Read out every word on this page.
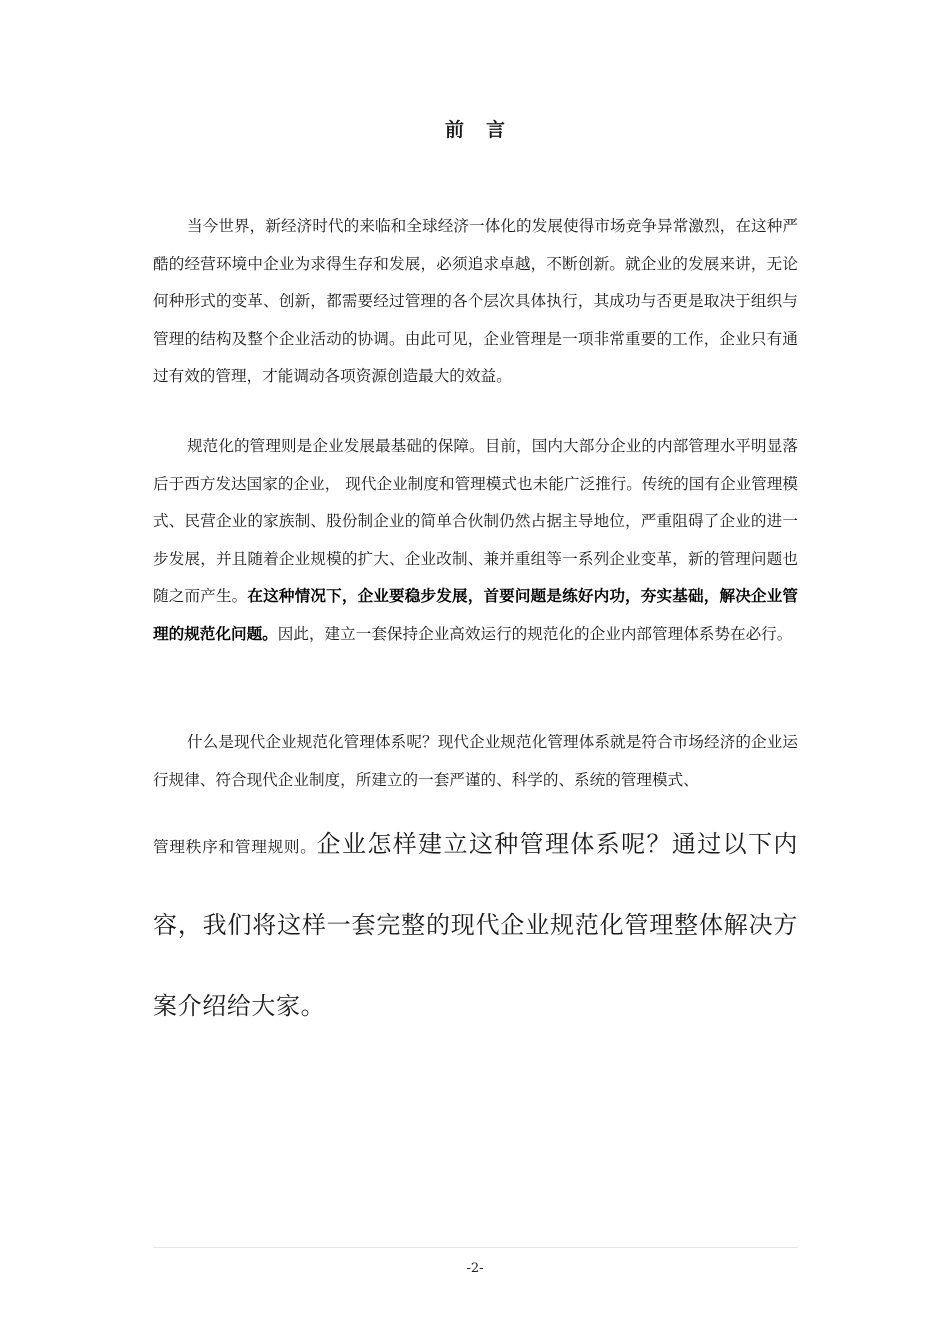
前言

当今世界，新经济时代的来临和全球经济一体化的发展使得市场竞争异常激烈，在这种严酷的经营环境中企业为求得生存和发展，必须追求卓越，不断创新。就企业的发展来讲，无论何种形式的变革、创新，都需要经过管理的各个层次具体执行，其成功与否更是取决于组织与管理的结构及整个企业活动的协调。由此可见，企业管理是一项非常重要的工作，企业只有通过有效的管理，才能调动各项资源创造最大的效益。

规范化的管理则是企业发展最基础的保障。目前，国内大部分企业的内部管理水平明显落后于西方发达国家的企业， 现代企业制度和管理模式也未能广泛推行。传统的国有企业管理模式、民营企业的家族制、股份制企业的简单合伙制仍然占据主导地位，严重阻碍了企业的进一步发展，并且随着企业规模的扩大、企业改制、兼并重组等一系列企业变革，新的管理问题也随之而产生。在这种情况下，企业要稳步发展，首要问题是练好内功，夯实基础，解决企业管理的规范化问题。因此，建立一套保持企业高效运行的规范化的企业内部管理体系势在必行。

什么是现代企业规范化管理体系呢？现代企业规范化管理体系就是符合市场经济的企业运行规律、符合现代企业制度，所建立的一套严谨的、科学的、系统的管理模式、

管理秩序和管理规则。企业怎样建立这种管理体系呢？通过以下内容，我们将这样一套完整的现代企业规范化管理整体解决方案介绍给大家。

-2-
